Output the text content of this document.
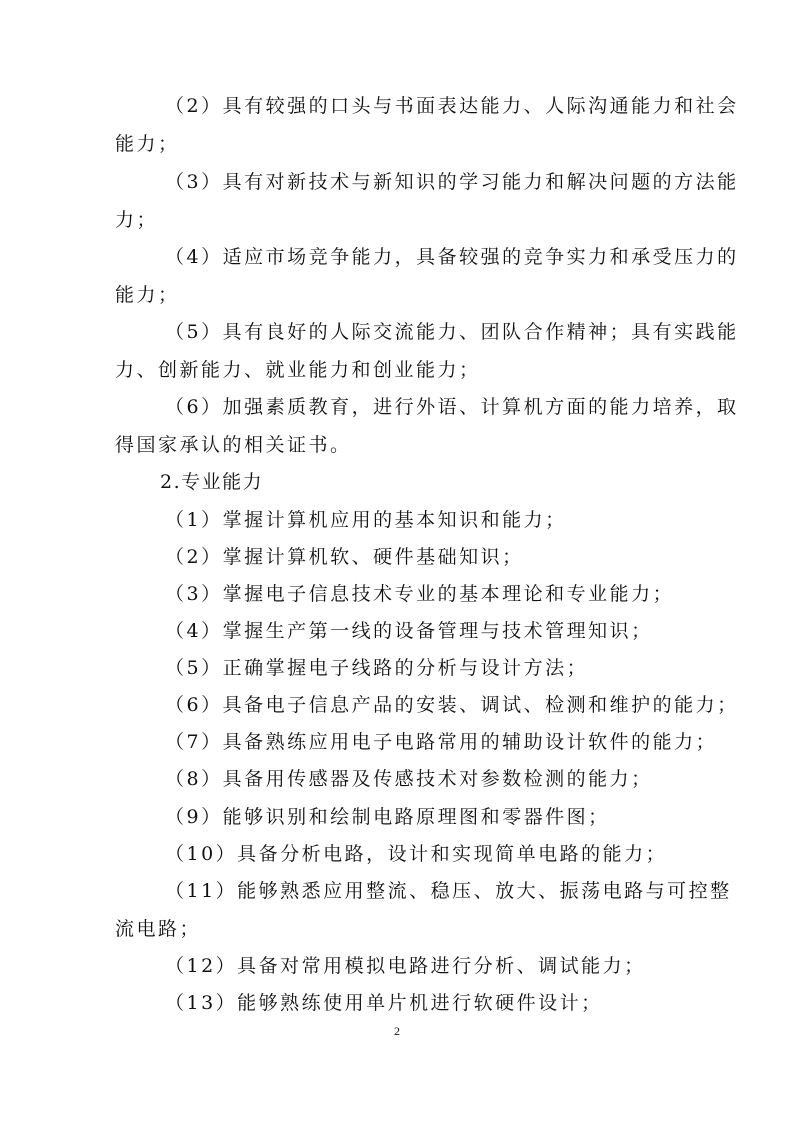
（2）具有较强的口头与书面表达能力、人际沟通能力和社会
能力；
（3）具有对新技术与新知识的学习能力和解决问题的方法能
力；
（4）适应市场竞争能力，具备较强的竞争实力和承受压力的
能力；
（5）具有良好的人际交流能力、团队合作精神；具有实践能
力、创新能力、就业能力和创业能力；
（6）加强素质教育，进行外语、计算机方面的能力培养，取
得国家承认的相关证书。
2.专业能力
（1）掌握计算机应用的基本知识和能力；
（2）掌握计算机软、硬件基础知识；
（3）掌握电子信息技术专业的基本理论和专业能力；
（4）掌握生产第一线的设备管理与技术管理知识；
（5）正确掌握电子线路的分析与设计方法；
（6）具备电子信息产品的安装、调试、检测和维护的能力；
（7）具备熟练应用电子电路常用的辅助设计软件的能力；
（8）具备用传感器及传感技术对参数检测的能力；
（9）能够识别和绘制电路原理图和零器件图；
（10）具备分析电路，设计和实现简单电路的能力；
（11）能够熟悉应用整流、稳压、放大、振荡电路与可控整
流电路；
（12）具备对常用模拟电路进行分析、调试能力；
（13）能够熟练使用单片机进行软硬件设计；
2
